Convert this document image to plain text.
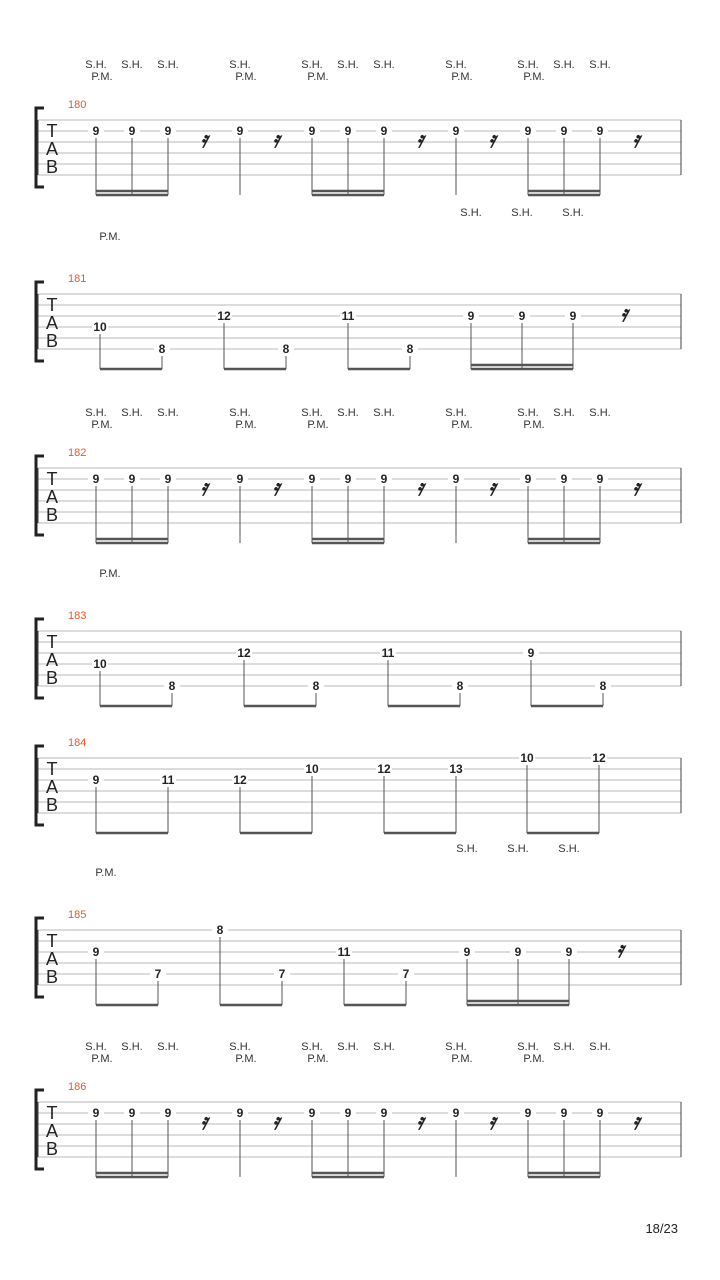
T
A
B
180
9 9 9 𝄿 9 𝄿 9 9 9 𝄿 9 𝄿 9 9 9 𝄿
S.H. S.H. S.H.	S.H.	S.H. S.H. S.H.	S.H.	S.H. S.H. S.H.
P.M.	P.M.	P.M.	P.M.	P.M.
T
A
B
181
10
8
12
8
11
8
9	9	9 𝄿
S.H.	S.H.	S.H.
P.M.
T
A
B
182
9 9 9 𝄿 9 𝄿 9 9 9 𝄿 9 𝄿 9 9 9 𝄿
S.H. S.H. S.H.	S.H.	S.H. S.H. S.H.	S.H.	S.H. S.H. S.H.
P.M.	P.M.	P.M.	P.M.	P.M.
T
A
B
183
10
8
12
8
11
8
9
8
P.M.
T
A
B
184
9	11	12
10	12	13
10	12
T
A
B
185
9
7
8
7
11
7
9	9	9 𝄿
S.H.	S.H.	S.H.
P.M.
T
A
B
186
9 9 9 𝄿 9 𝄿 9 9 9 𝄿 9 𝄿 9 9 9 𝄿
S.H. S.H. S.H.	S.H.	S.H. S.H. S.H.	S.H.	S.H. S.H. S.H.
P.M.	P.M.	P.M.	P.M.	P.M.
18/23
